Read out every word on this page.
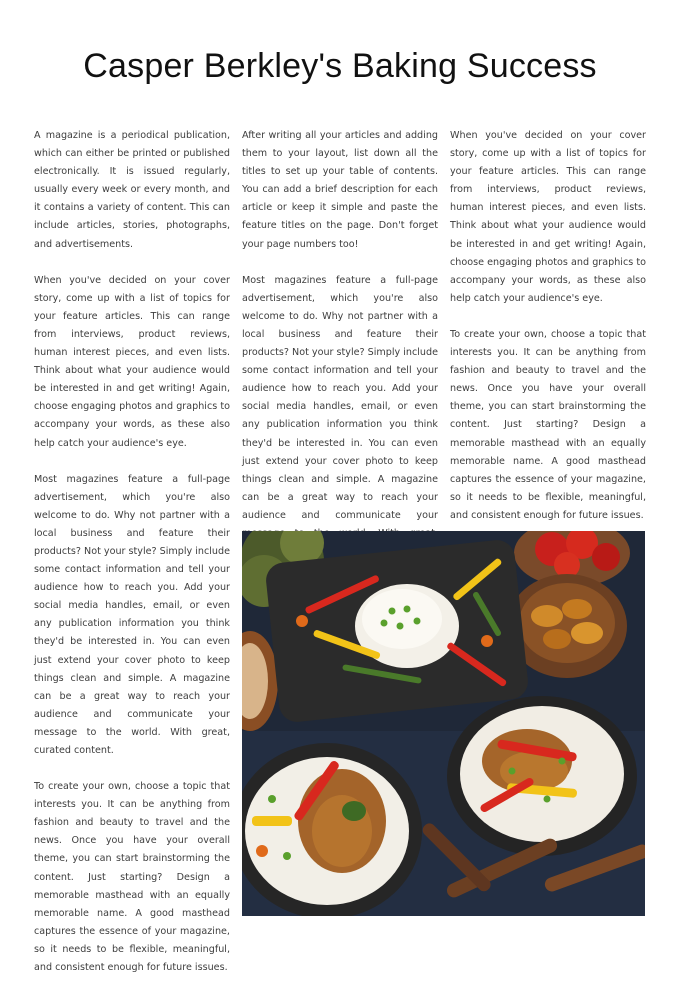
Casper Berkley's Baking Success

A magazine is a periodical publication, which can either be printed or published electronically. It is issued regularly, usually every week or every month, and it contains a variety of content. This can include articles, stories, photographs, and advertisements.

When you've decided on your cover story, come up with a list of topics for your feature articles. This can range from interviews, product reviews, human interest pieces, and even lists. Think about what your audience would be interested in and get writing! Again, choose engaging photos and graphics to accompany your words, as these also help catch your audience's eye.

Most magazines feature a full-page advertisement, which you're also welcome to do. Why not partner with a local business and feature their products? Not your style? Simply include some contact information and tell your audience how to reach you. Add your social media handles, email, or even any publication information you think they'd be interested in. You can even just extend your cover photo to keep things clean and simple. A magazine can be a great way to reach your audience and communicate your message to the world. With great, curated content.

To create your own, choose a topic that interests you. It can be anything from fashion and beauty to travel and the news. Once you have your overall theme, you can start brainstorming the content. Just starting? Design a memorable masthead with an equally memorable name. A good masthead captures the essence of your magazine, so it needs to be flexible, meaningful, and consistent enough for future issues.

After writing all your articles and adding them to your layout, list down all the titles to set up your table of contents. You can add a brief description for each article or keep it simple and paste the feature titles on the page. Don't forget your page numbers too!

Most magazines feature a full-page advertisement, which you're also welcome to do. Why not partner with a local business and feature their products? Not your style? Simply include some contact information and tell your audience how to reach you. Add your social media handles, email, or even any publication information you think they'd be interested in. You can even just extend your cover photo to keep things clean and simple. A magazine can be a great way to reach your audience and communicate your

When you've decided on your cover story, come up with a list of topics for your feature articles. This can range from interviews, product reviews, human interest pieces, and even lists. Think about what your audience would be interested in and get writing! Again, choose engaging photos and graphics to accompany your words, as these also help catch your audience's eye.

To create your own, choose a topic that interests you. It can be anything from fashion and beauty to travel and the news. Once you have your overall theme, you can start brainstorming the content. Just starting? Design a memorable masthead with an equally memorable name. A good masthead captures the essence of your magazine, so it needs to be flexible, meaningful, and consistent enough for future issues.
